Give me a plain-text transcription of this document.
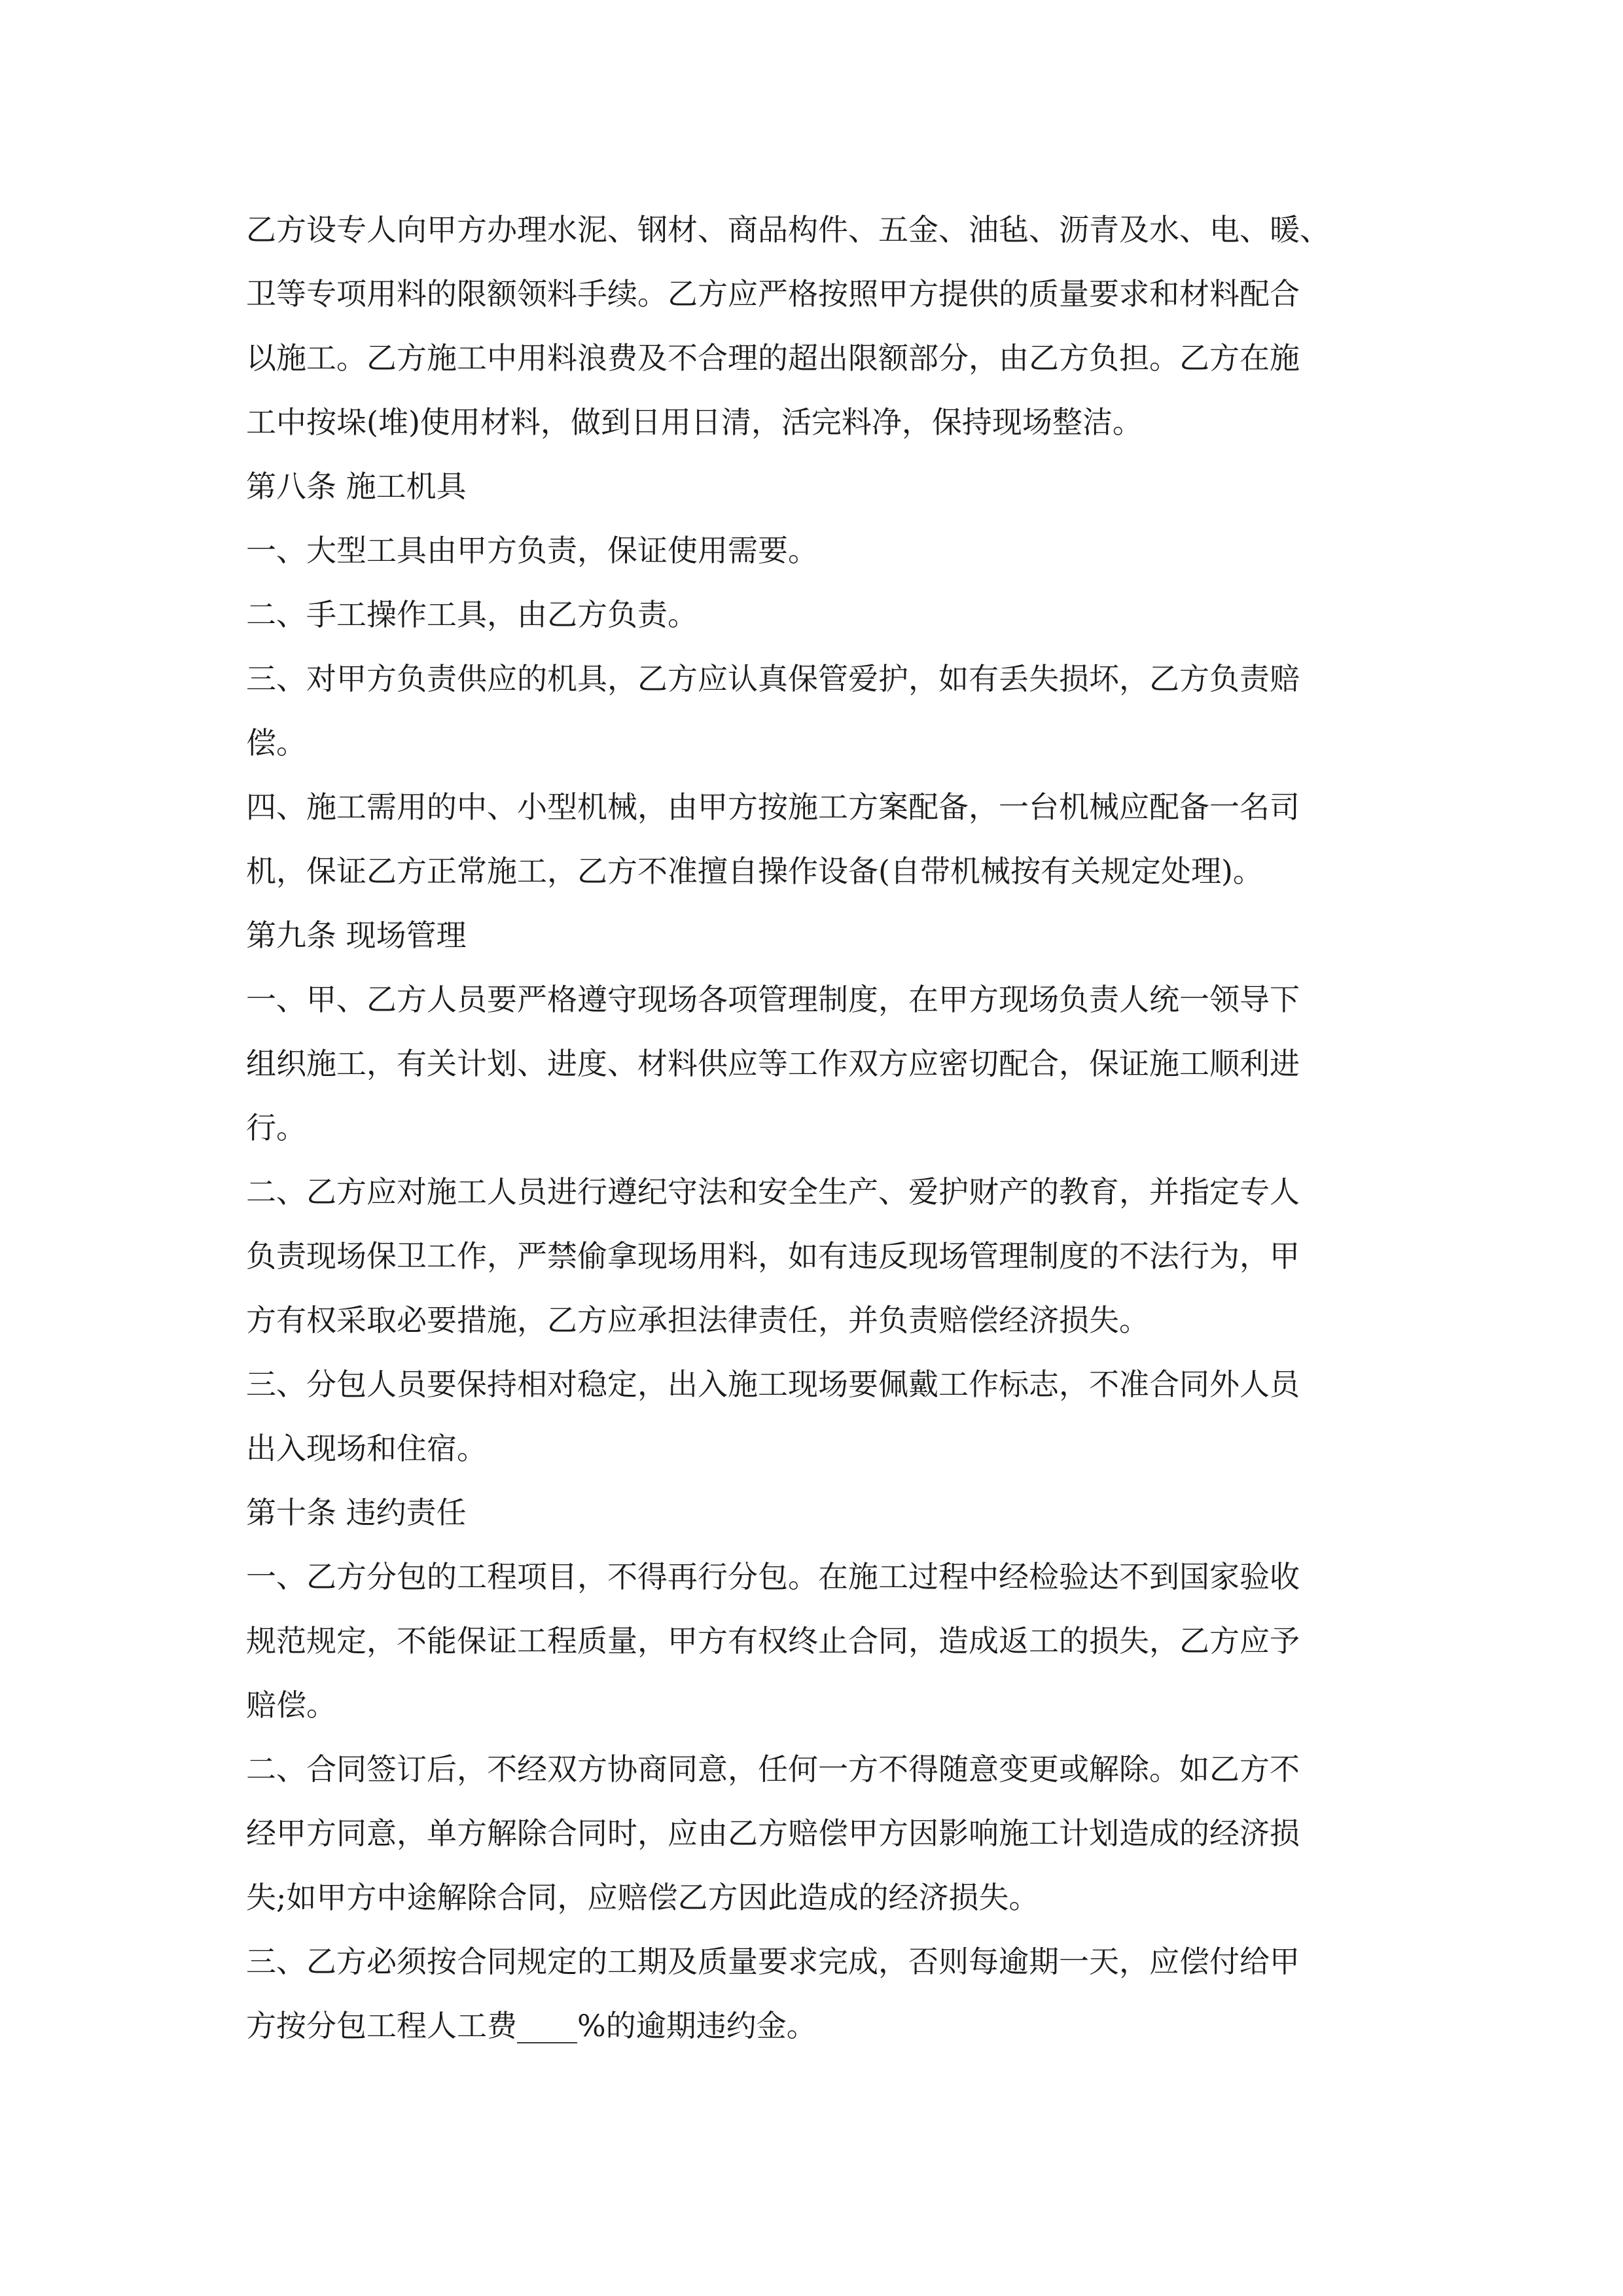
乙方设专人向甲方办理水泥、钢材、商品构件、五金、油毡、沥青及水、电、暖、

卫等专项用料的限额领料手续。乙方应严格按照甲方提供的质量要求和材料配合

以施工。乙方施工中用料浪费及不合理的超出限额部分，由乙方负担。乙方在施

工中按垛(堆)使用材料，做到日用日清，活完料净，保持现场整洁。

第八条 施工机具

一、大型工具由甲方负责，保证使用需要。

二、手工操作工具，由乙方负责。

三、对甲方负责供应的机具，乙方应认真保管爱护，如有丢失损坏，乙方负责赔

偿。

四、施工需用的中、小型机械，由甲方按施工方案配备，一台机械应配备一名司

机，保证乙方正常施工，乙方不准擅自操作设备(自带机械按有关规定处理)。

第九条 现场管理

一、甲、乙方人员要严格遵守现场各项管理制度，在甲方现场负责人统一领导下

组织施工，有关计划、进度、材料供应等工作双方应密切配合，保证施工顺利进

行。

二、乙方应对施工人员进行遵纪守法和安全生产、爱护财产的教育，并指定专人

负责现场保卫工作，严禁偷拿现场用料，如有违反现场管理制度的不法行为，甲

方有权采取必要措施，乙方应承担法律责任，并负责赔偿经济损失。

三、分包人员要保持相对稳定，出入施工现场要佩戴工作标志，不准合同外人员

出入现场和住宿。

第十条 违约责任

一、乙方分包的工程项目，不得再行分包。在施工过程中经检验达不到国家验收

规范规定，不能保证工程质量，甲方有权终止合同，造成返工的损失，乙方应予

赔偿。

二、合同签订后，不经双方协商同意，任何一方不得随意变更或解除。如乙方不

经甲方同意，单方解除合同时，应由乙方赔偿甲方因影响施工计划造成的经济损

失;如甲方中途解除合同，应赔偿乙方因此造成的经济损失。

三、乙方必须按合同规定的工期及质量要求完成，否则每逾期一天，应偿付给甲

方按分包工程人工费____%的逾期违约金。
